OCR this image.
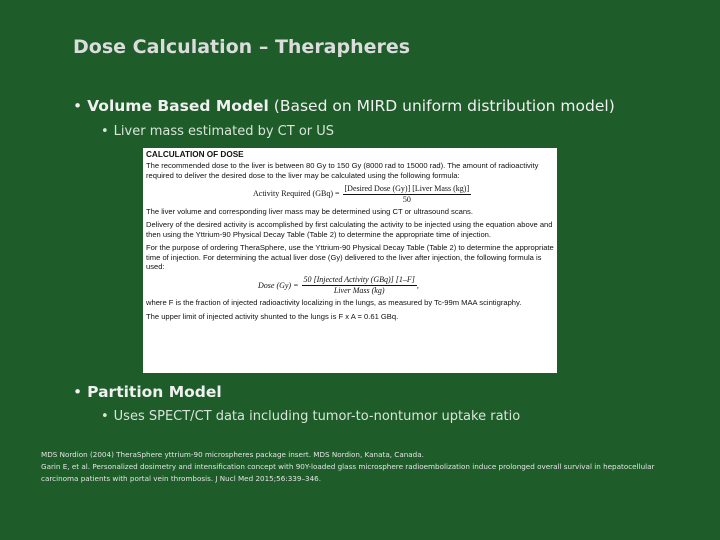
Dose Calculation – Therapheres
• Volume Based Model (Based on MIRD uniform distribution model)
• Liver mass estimated by CT or US
CALCULATION OF DOSE

The recommended dose to the liver is between 80 Gy to 150 Gy (8000 rad to 15000 rad). The amount of radioactivity required to deliver the desired dose to the liver may be calculated using the following formula:

Activity Required $(GBq) = \frac{\text{[Desired Dose (Gy)] [Liver Mass (kg)]}}{50}$

The liver volume and corresponding liver mass may be determined using CT or ultrasound scans.

Delivery of the desired activity is accomplished by first calculating the activity to be injected using the equation above and then using the Yttrium-90 Physical Decay Table (Table 2) to determine the appropriate time of injection.

For the purpose of ordering TheraSphere, use the Yttrium-90 Physical Decay Table (Table 2) to determine the appropriate time of injection. For determining the actual liver dose (Gy) delivered to the liver after injection, the following formula is used:

Dose $(Gy) = \frac{\text{50 [Injected Activity (GBq)] [1–F]}}{\text{Liver Mass (kg)}}$ ,

where F is the fraction of injected radioactivity localizing in the lungs, as measured by Tc-99m MAA scintigraphy.

The upper limit of injected activity shunted to the lungs is F x A = 0.61 GBq.

• Partition Model
• Uses SPECT/CT data including tumor-to-nontumor uptake ratio
MDS Nordion (2004) TheraSphere yttrium-90 microspheres package insert. MDS Nordion, Kanata, Canada.
Garin E, et al. Personalized dosimetry and intensification concept with 90Y-loaded glass microsphere radioembolization induce prolonged overall survival in hepatocellular carcinoma patients with portal vein thrombosis. J Nucl Med 2015;56:339–346.
